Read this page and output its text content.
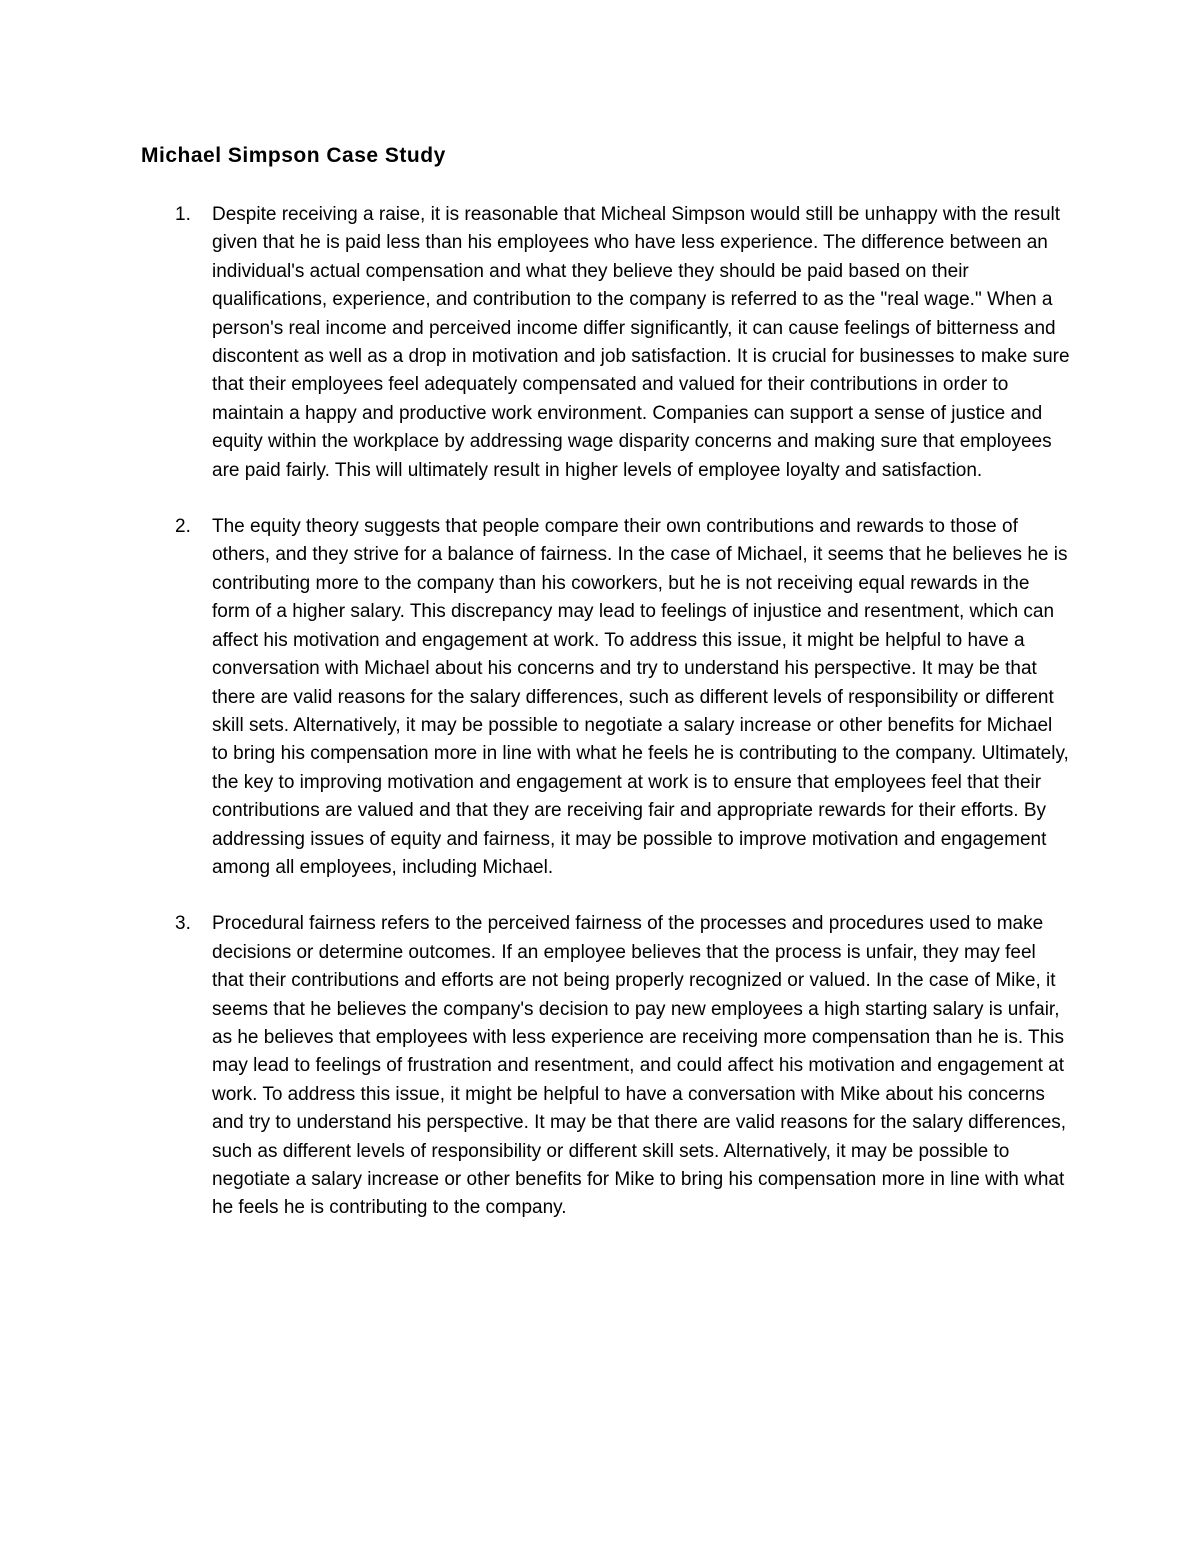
Michael Simpson Case Study
1. Despite receiving a raise, it is reasonable that Micheal Simpson would still be unhappy with the result given that he is paid less than his employees who have less experience. The difference between an individual's actual compensation and what they believe they should be paid based on their qualifications, experience, and contribution to the company is referred to as the "real wage." When a person's real income and perceived income differ significantly, it can cause feelings of bitterness and discontent as well as a drop in motivation and job satisfaction. It is crucial for businesses to make sure that their employees feel adequately compensated and valued for their contributions in order to maintain a happy and productive work environment. Companies can support a sense of justice and equity within the workplace by addressing wage disparity concerns and making sure that employees are paid fairly. This will ultimately result in higher levels of employee loyalty and satisfaction.

2. The equity theory suggests that people compare their own contributions and rewards to those of others, and they strive for a balance of fairness. In the case of Michael, it seems that he believes he is contributing more to the company than his coworkers, but he is not receiving equal rewards in the form of a higher salary. This discrepancy may lead to feelings of injustice and resentment, which can affect his motivation and engagement at work. To address this issue, it might be helpful to have a conversation with Michael about his concerns and try to understand his perspective. It may be that there are valid reasons for the salary differences, such as different levels of responsibility or different skill sets. Alternatively, it may be possible to negotiate a salary increase or other benefits for Michael to bring his compensation more in line with what he feels he is contributing to the company. Ultimately, the key to improving motivation and engagement at work is to ensure that employees feel that their contributions are valued and that they are receiving fair and appropriate rewards for their efforts. By addressing issues of equity and fairness, it may be possible to improve motivation and engagement among all employees, including Michael.

3. Procedural fairness refers to the perceived fairness of the processes and procedures used to make decisions or determine outcomes. If an employee believes that the process is unfair, they may feel that their contributions and efforts are not being properly recognized or valued. In the case of Mike, it seems that he believes the company's decision to pay new employees a high starting salary is unfair, as he believes that employees with less experience are receiving more compensation than he is. This may lead to feelings of frustration and resentment, and could affect his motivation and engagement at work. To address this issue, it might be helpful to have a conversation with Mike about his concerns and try to understand his perspective. It may be that there are valid reasons for the salary differences, such as different levels of responsibility or different skill sets. Alternatively, it may be possible to negotiate a salary increase or other benefits for Mike to bring his compensation more in line with what he feels he is contributing to the company.
